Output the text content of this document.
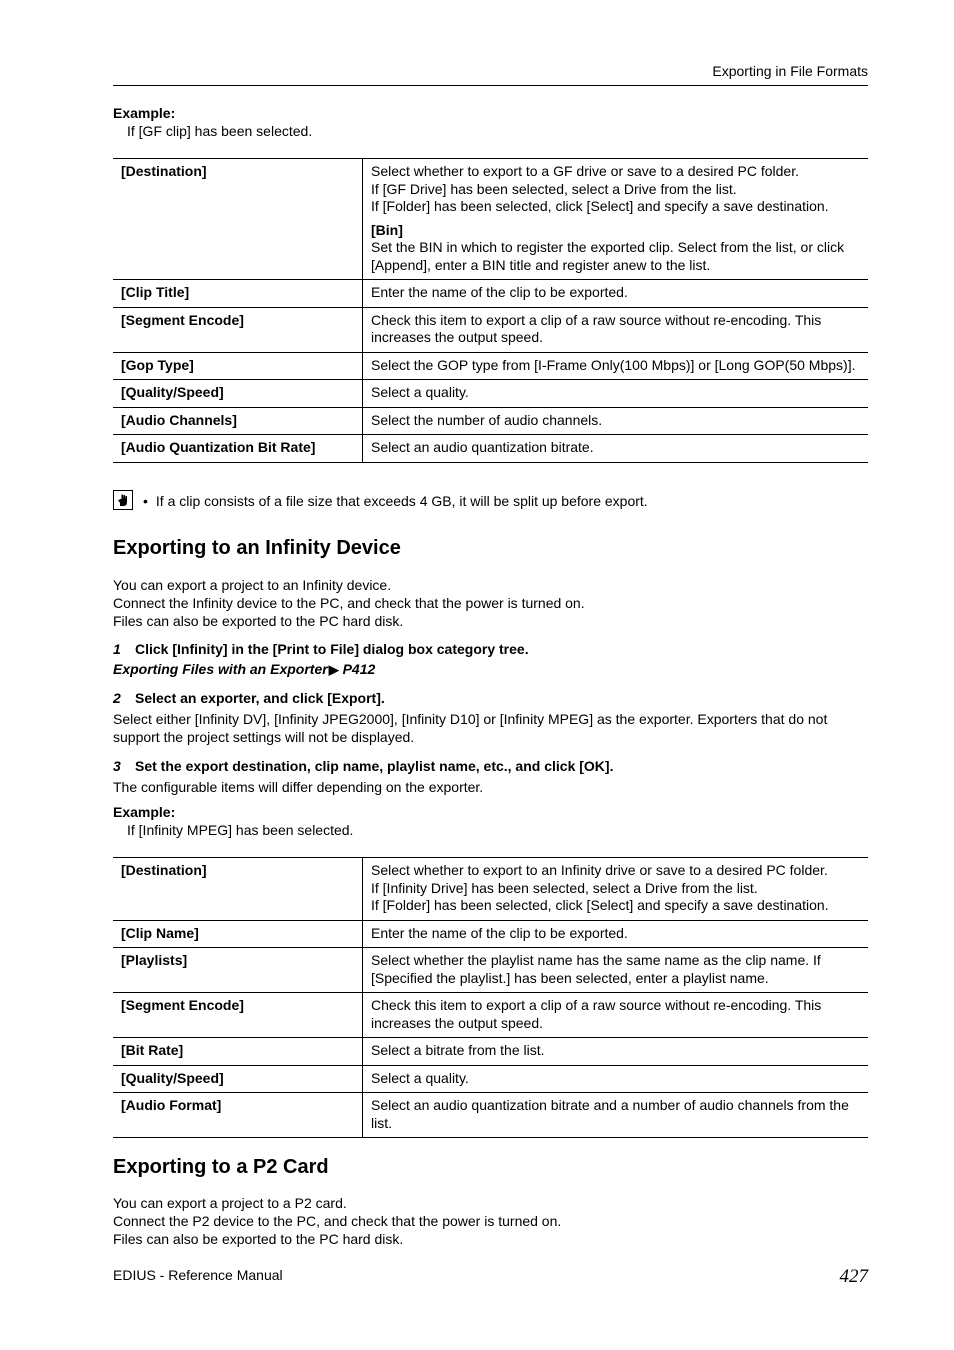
Exporting in File Formats
Example:
If [GF clip] has been selected.
[Destination]	Select whether to export to a GF drive or save to a desired PC folder.
If [GF Drive] has been selected, select a Drive from the list.
If [Folder] has been selected, click [Select] and specify a save destination.
[Bin]
Set the BIN in which to register the exported clip. Select from the list, or click [Append], enter a BIN title and register anew to the list.

[Clip Title]	Enter the name of the clip to be exported.
[Segment Encode]	Check this item to export a clip of a raw source without re-encoding. This increases the output speed.
[Gop Type]	Select the GOP type from [I-Frame Only(100 Mbps)] or [Long GOP(50 Mbps)].
[Quality/Speed]	Select a quality.
[Audio Channels]	Select the number of audio channels.
[Audio Quantization Bit Rate]	Select an audio quantization bitrate.
• If a clip consists of a file size that exceeds 4 GB, it will be split up before export.
Exporting to an Infinity Device
You can export a project to an Infinity device.
Connect the Infinity device to the PC, and check that the power is turned on.
Files can also be exported to the PC hard disk.
1 Click [Infinity] in the [Print to File] dialog box category tree.
Exporting Files with an Exporter▶ P412
2 Select an exporter, and click [Export].
Select either [Infinity DV], [Infinity JPEG2000], [Infinity D10] or [Infinity MPEG] as the exporter. Exporters that do not support the project settings will not be displayed.
3 Set the export destination, clip name, playlist name, etc., and click [OK].
The configurable items will differ depending on the exporter.
Example:
If [Infinity MPEG] has been selected.
[Destination]	Select whether to export to an Infinity drive or save to a desired PC folder.
If [Infinity Drive] has been selected, select a Drive from the list.
If [Folder] has been selected, click [Select] and specify a save destination.

[Clip Name]	Enter the name of the clip to be exported.
[Playlists]	Select whether the playlist name has the same name as the clip name. If [Specified the playlist.] has been selected, enter a playlist name.
[Segment Encode]	Check this item to export a clip of a raw source without re-encoding. This increases the output speed.
[Bit Rate]	Select a bitrate from the list.
[Quality/Speed]	Select a quality.
[Audio Format]	Select an audio quantization bitrate and a number of audio channels from the list.
Exporting to a P2 Card
You can export a project to a P2 card.
Connect the P2 device to the PC, and check that the power is turned on.
Files can also be exported to the PC hard disk.
EDIUS - Reference Manual	427
